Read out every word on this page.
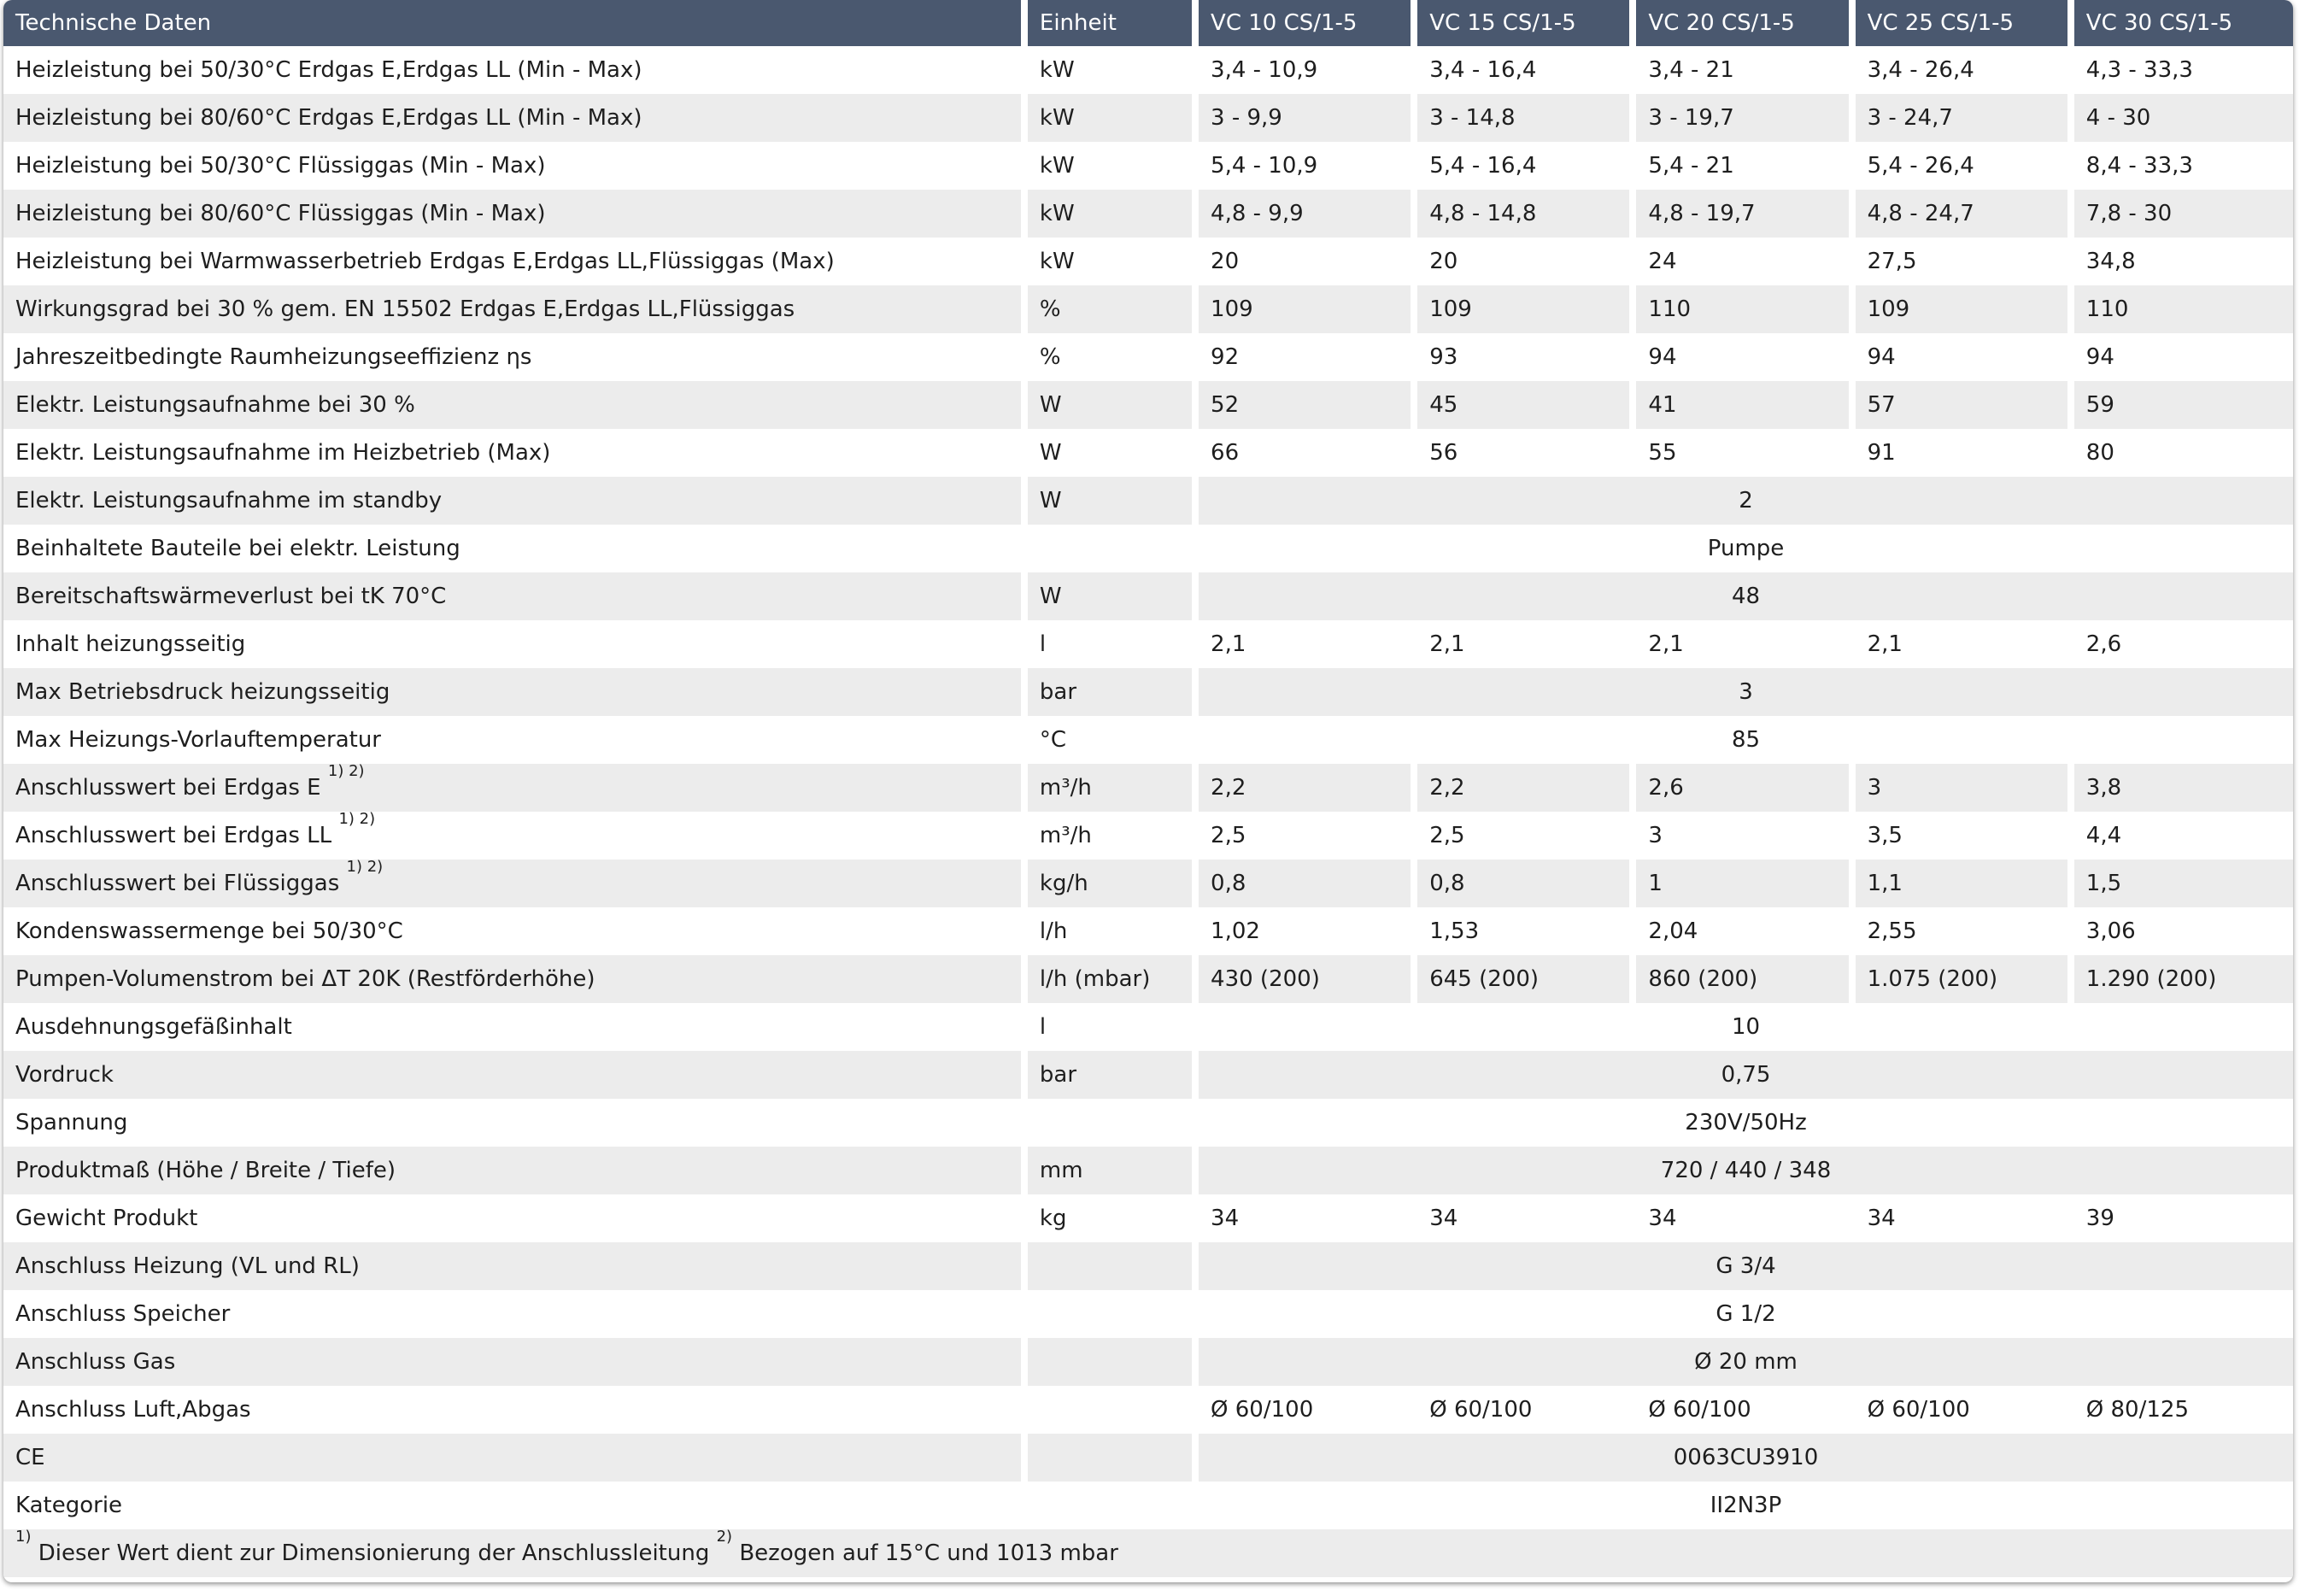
Technische Daten	Einheit	VC 10 CS/1-5	VC 15 CS/1-5	VC 20 CS/1-5	VC 25 CS/1-5	VC 30 CS/1-5
Heizleistung bei 50/30°C Erdgas E,Erdgas LL (Min - Max)	kW	3,4 - 10,9	3,4 - 16,4	3,4 - 21	3,4 - 26,4	4,3 - 33,3
Heizleistung bei 80/60°C Erdgas E,Erdgas LL (Min - Max)	kW	3 - 9,9	3 - 14,8	3 - 19,7	3 - 24,7	4 - 30
Heizleistung bei 50/30°C Flüssiggas (Min - Max)	kW	5,4 - 10,9	5,4 - 16,4	5,4 - 21	5,4 - 26,4	8,4 - 33,3
Heizleistung bei 80/60°C Flüssiggas (Min - Max)	kW	4,8 - 9,9	4,8 - 14,8	4,8 - 19,7	4,8 - 24,7	7,8 - 30
Heizleistung bei Warmwasserbetrieb Erdgas E,Erdgas LL,Flüssiggas (Max)	kW	20	20	24	27,5	34,8
Wirkungsgrad bei 30 % gem. EN 15502 Erdgas E,Erdgas LL,Flüssiggas	%	109	109	110	109	110
Jahreszeitbedingte Raumheizungseeffizienz ηs	%	92	93	94	94	94
Elektr. Leistungsaufnahme bei 30 %	W	52	45	41	57	59
Elektr. Leistungsaufnahme im Heizbetrieb (Max)	W	66	56	55	91	80
Elektr. Leistungsaufnahme im standby	W	2				
Beinhaltete Bauteile bei elektr. Leistung		Pumpe				
Bereitschaftswärmeverlust bei tK 70°C	W	48				
Inhalt heizungsseitig	l	2,1	2,1	2,1	2,1	2,6
Max Betriebsdruck heizungsseitig	bar	3				
Max Heizungs-Vorlauftemperatur	°C	85				
Anschlusswert bei Erdgas E $^{1) 2)}$	m³/h	2,2	2,2	2,6	3	3,8
Anschlusswert bei Erdgas LL $^{1) 2)}$	m³/h	2,5	2,5	3	3,5	4,4
Anschlusswert bei Flüssiggas $^{1) 2)}$	kg/h	0,8	0,8	1	1,1	1,5
Kondenswassermenge bei 50/30°C	l/h	1,02	1,53	2,04	2,55	3,06
Pumpen-Volumenstrom bei ΔT 20K (Restförderhöhe)	l/h (mbar)	430 (200)	645 (200)	860 (200)	1.075 (200)	1.290 (200)
Ausdehnungsgefäßinhalt	l	10				
Vordruck	bar	0,75				
Spannung		230V/50Hz				
Produktmaß (Höhe / Breite / Tiefe)	mm	720 / 440 / 348				
Gewicht Produkt	kg	34	34	34	34	39
Anschluss Heizung (VL und RL)		G 3/4				
Anschluss Speicher		G 1/2				
Anschluss Gas		Ø 20 mm				
Anschluss Luft,Abgas		Ø 60/100	Ø 60/100	Ø 60/100	Ø 60/100	Ø 80/125
CE		0063CU3910				
Kategorie		II2N3P				
$^{1)}$ Dieser Wert dient zur Dimensionierung der Anschlussleitung $^{2)}$ Bezogen auf 15°C und 1013 mbar						
